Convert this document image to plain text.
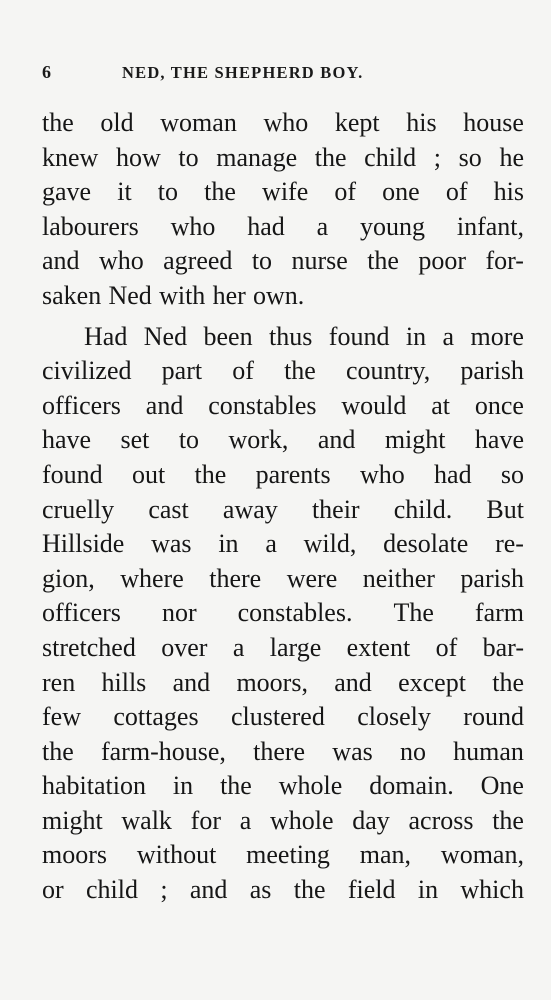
6	NED, THE SHEPHERD BOY.
the old woman who kept his house
knew how to manage the child ; so he
gave it to the wife of one of his
labourers who had a young infant,
and who agreed to nurse the poor for-
saken Ned with her own.
Had Ned been thus found in a more
civilized part of the country, parish
officers and constables would at once
have set to work, and might have
found out the parents who had so
cruelly cast away their child. But
Hillside was in a wild, desolate re-
gion, where there were neither parish
officers nor constables. The farm
stretched over a large extent of bar-
ren hills and moors, and except the
few cottages clustered closely round
the farm-house, there was no human
habitation in the whole domain. One
might walk for a whole day across the
moors without meeting man, woman,
or child ; and as the field in which
